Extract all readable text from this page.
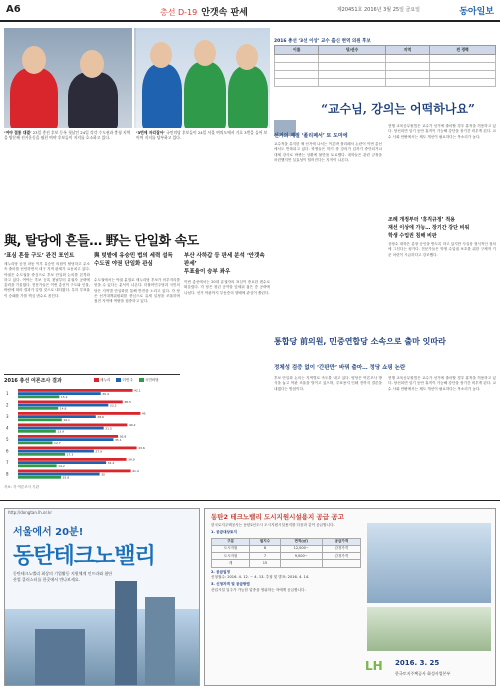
A6	총선 D-19 안갯속 판세	제20451호 2016년 3월 25일 금요일	동아일보
‘여야 접통 대결’ 23일 총선 후보 등록 첫날인 24일 각각 수도권과 충청 지역을 방문해 선거운동을 펼친 여야 후보들이 지지를 호소하고 있다.
‘3번에 자리잡아’ 국민의당 후보들이 24일 서울 여의도에서 기호 3번을 들어 보이며 지지를 당부하고 있다.
2016 총선 ‘3선 이상’ 교수 출신 현역 의원 후보
이름	당/선수	지역	전 경력

“교수님, 강의는 어떡하나요”
선거의 계절 ‘폴리페서’ 또 도마에
교수직을 유지한 채 선거에 나서는 이른바 폴리페서 논란이 이번 총선에서도 반복되고 있다. 학생들은 학기 중 강의가 갑자기 중단되거나 대체 강사로 바뀌는 상황에 불만을 토로했다. 대학들은 관련 규정을 마련했지만 실효성이 떨어진다는 지적이 나온다.
현행 교육공무원법은 교수가 선거에 출마할 경우 휴직을 허용하고 있다. 당선되면 임기 동안 휴직이 가능해 강단을 장기간 비우게 된다. 교수 사회 안팎에서는 제도 개선이 필요하다는 목소리가 높다.
조례 개정부터 ‘휴직규정’ 적용
재선 이상에 가능… 장기간 강단 비워
학생 수업권 침해 비판
상당수 대학은 총장 승인을 받도록 하고 있지만 사실상 형식적인 절차에 그친다는 평가다. 전문가들은 학생 수업권 보호를 위한 구체적 기준 마련이 시급하다고 강조했다.
與, 탈당에 흔들… 野는 단일화 속도
‘표심 흔들 구도’ 관건 포인트
새누리당 공천 파동 이후 유승민 의원이 탈당하고 무소속 출마를 선언하면서 대구 지역 판세가 요동치고 있다. 야권은 수도권을 중심으로 후보 단일화 논의를 본격화하고 있다. 여야는 후보 등록 첫날부터 유권자 공략에 총력을 기울였다. 전문가들은 이번 총선이 구도와 인물, 바람에 따라 결과가 갈릴 것으로 내다봤다. 특히 투표율이 승패를 가를 핵심 변수로 꼽힌다.
與 텃밭에 유승민 법의 세력 설득 수도권 야권 단일화 관심
수도권에서는 야권 분열로 새누리당 후보가 어부지리를 얻을 수 있다는 분석이 나온다. 더불어민주당과 국민의당은 지역별 단일화를 통해 반전을 노리고 있다. 각 당은 선거대책위원회를 중심으로 유세 일정을 조율하며 접전 지역에 역량을 집중하고 있다.
부산 사하갑 등 판세 분석 ‘안갯속 판세’
투표율이 승부 좌우
이번 총선에서는 20대 유권자의 표심이 중요한 변수로 떠올랐다. 각 당은 청년 공약을 앞세워 젊은 층 공략에 나섰다. 선거 막판까지 부동층의 향배에 관심이 쏠린다.
2016 총선 여론조사 결과	새누리	더민주	국민의당
1
42.1
30.4
15.2
2
38.5
33.2
14.8
3
45
28.6
16.1
4
40.2
31.5
13.9
5
36.8
35.1
12.7
6
43.6
27.9
17.3
7
39.9
32.4
14.2
8
41.4
30
15.8
자료: 각 여론조사 기관
통합당 前의원, 민중연합당 소속으로 출마 잇따라
정체성 검증 없이 ‘간판만’ 바꿔 출마… 정당 쇼핑 논란
후보 단일화 논의는 지역별로 속도를 내고 있다. 양당은 여론조사 방식을 놓고 막판 조율을 벌이고 있으며, 투표용지 인쇄 전까지 결론을 내겠다는 방침이다.
현행 교육공무원법은 교수가 선거에 출마할 경우 휴직을 허용하고 있다. 당선되면 임기 동안 휴직이 가능해 강단을 장기간 비우게 된다. 교수 사회 안팎에서는 제도 개선이 필요하다는 목소리가 높다.
http://dongtan.lh.or.kr
서울에서 20분!
동탄테크노밸리
동탄테크노밸리 최상의 기업활동 지원체계 인프라와 첨단산업 클러스터를 한곳에서 만나보세요.
동탄2 테크노밸리 도시지원시설용지 공급 공고
한국토지주택공사는 동탄2신도시 도시지원시설용지를 다음과 같이 공급합니다.
1. 공급대상토지
구분	필지수	면적(㎡)	공급가격
도시지원	8	12,000~	감정가격
도시지원	7	9,000~	감정가격
계	15		
2. 공급일정
신청접수: 2016. 4. 12. ~ 4. 13. 추첨 및 발표: 2016. 4. 14.
3. 신청자격 및 공급방법
산업시설 입주가 가능한 업종을 영위하는 자에게 공급합니다.
LH 2016. 3. 25
한국토지주택공사 화성사업본부
